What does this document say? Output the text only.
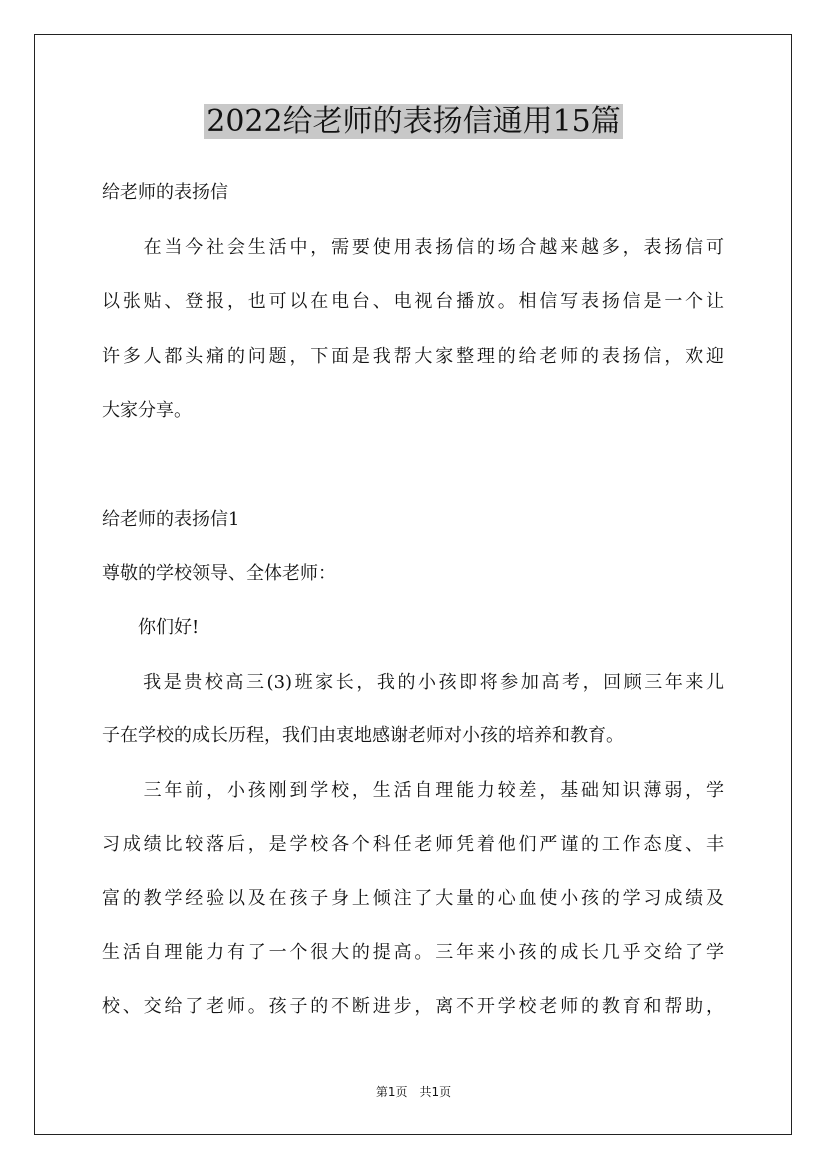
2022给老师的表扬信通用15篇
给老师的表扬信
　　在当今社会生活中，需要使用表扬信的场合越来越多，表扬信可
以张贴、登报，也可以在电台、电视台播放。相信写表扬信是一个让
许多人都头痛的问题，下面是我帮大家整理的给老师的表扬信，欢迎
大家分享。
给老师的表扬信1
尊敬的学校领导、全体老师：
　　你们好!
　　我是贵校高三(3)班家长，我的小孩即将参加高考，回顾三年来儿
子在学校的成长历程，我们由衷地感谢老师对小孩的培养和教育。
　　三年前，小孩刚到学校，生活自理能力较差，基础知识薄弱，学
习成绩比较落后，是学校各个科任老师凭着他们严谨的工作态度、丰
富的教学经验以及在孩子身上倾注了大量的心血使小孩的学习成绩及
生活自理能力有了一个很大的提高。三年来小孩的成长几乎交给了学
校、交给了老师。孩子的不断进步，离不开学校老师的教育和帮助，
第1页 共1页
